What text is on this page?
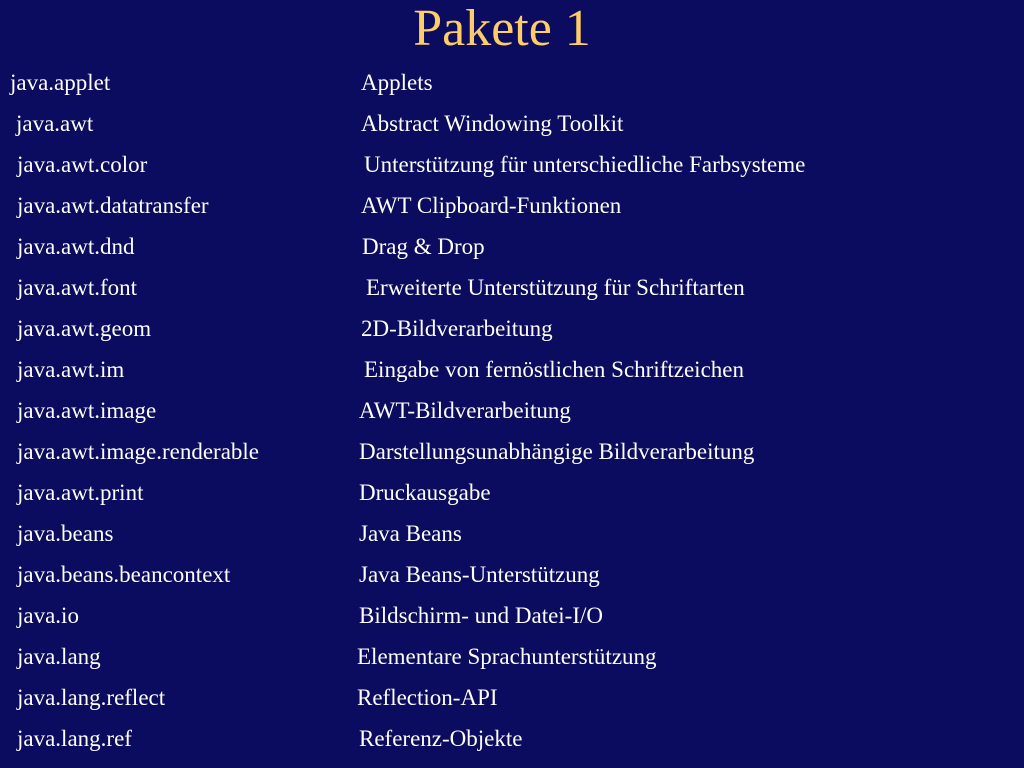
Pakete 1
java.applet	Applets
java.awt	Abstract Windowing Toolkit
java.awt.color	Unterstützung für unterschiedliche Farbsysteme
java.awt.datatransfer	AWT Clipboard-Funktionen
java.awt.dnd	Drag & Drop
java.awt.font	Erweiterte Unterstützung für Schriftarten
java.awt.geom	2D-Bildverarbeitung
java.awt.im	Eingabe von fernöstlichen Schriftzeichen
java.awt.image	AWT-Bildverarbeitung
java.awt.image.renderable	Darstellungsunabhängige Bildverarbeitung
java.awt.print	Druckausgabe
java.beans	Java Beans
java.beans.beancontext	Java Beans-Unterstützung
java.io	Bildschirm- und Datei-I/O
java.lang	Elementare Sprachunterstützung
java.lang.reflect	Reflection-API
java.lang.ref	Referenz-Objekte
